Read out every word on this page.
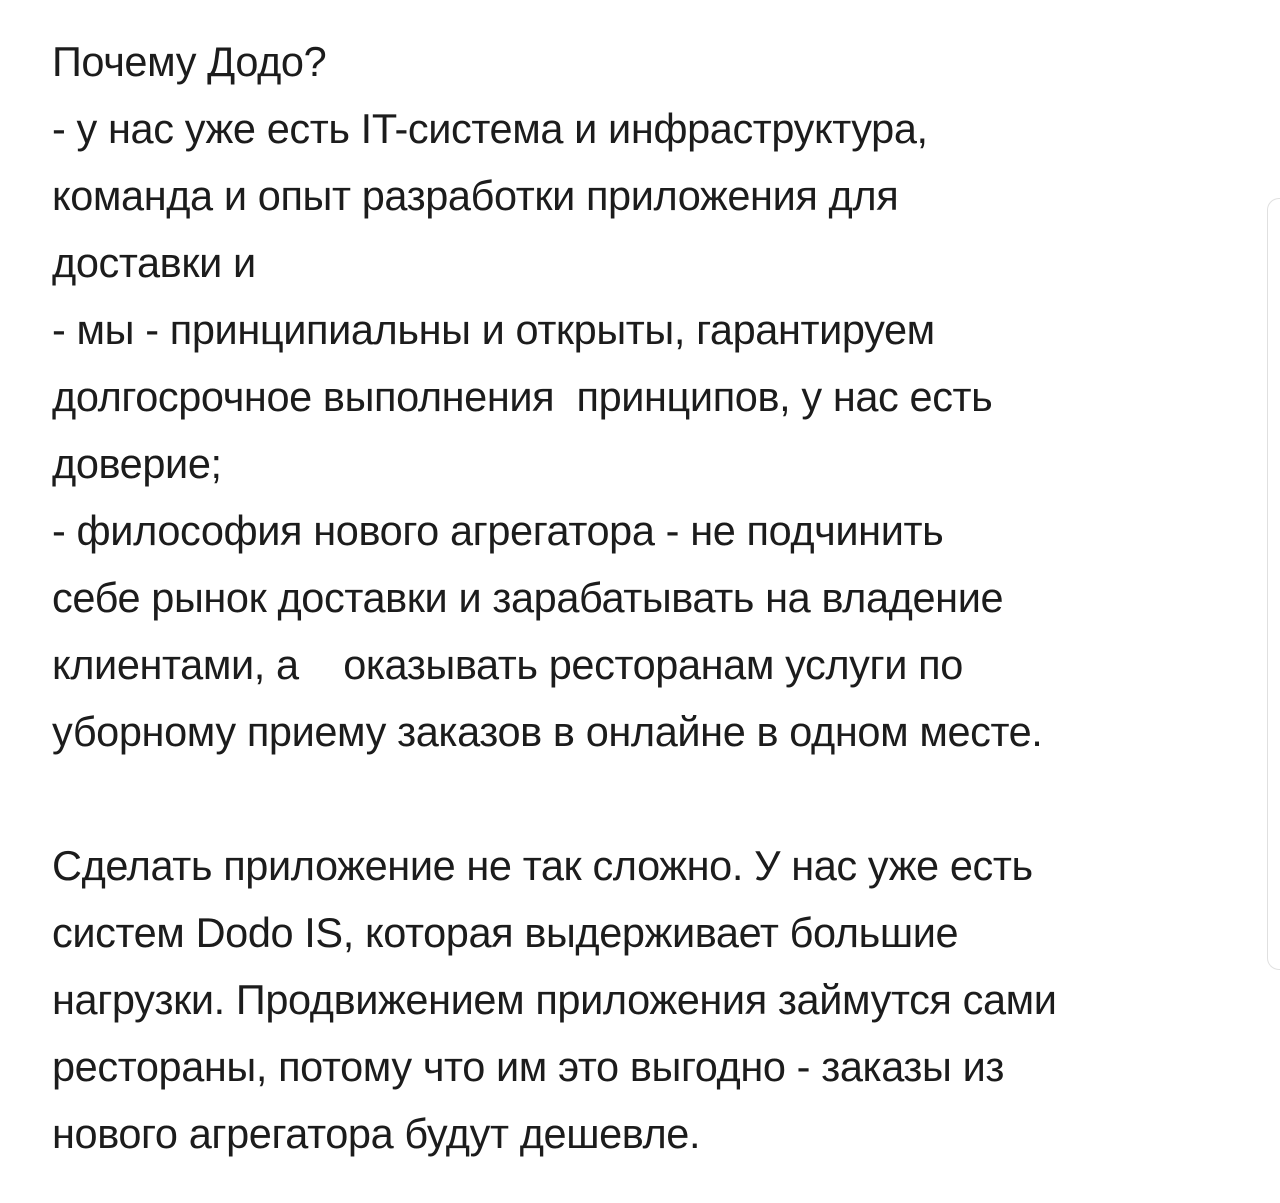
Почему Додо?
- у нас уже есть IT-система и инфраструктура,
команда и опыт разработки приложения для
доставки и
- мы - принципиальны и открыты, гарантируем
долгосрочное выполнения  принципов, у нас есть
доверие;
- философия нового агрегатора - не подчинить
себе рынок доставки и зарабатывать на владение
клиентами, а    оказывать ресторанам услуги по
уборному приему заказов в онлайне в одном месте.
Сделать приложение не так сложно. У нас уже есть
систем Dodo IS, которая выдерживает большие
нагрузки. Продвижением приложения займутся сами
рестораны, потому что им это выгодно - заказы из
нового агрегатора будут дешевле.
